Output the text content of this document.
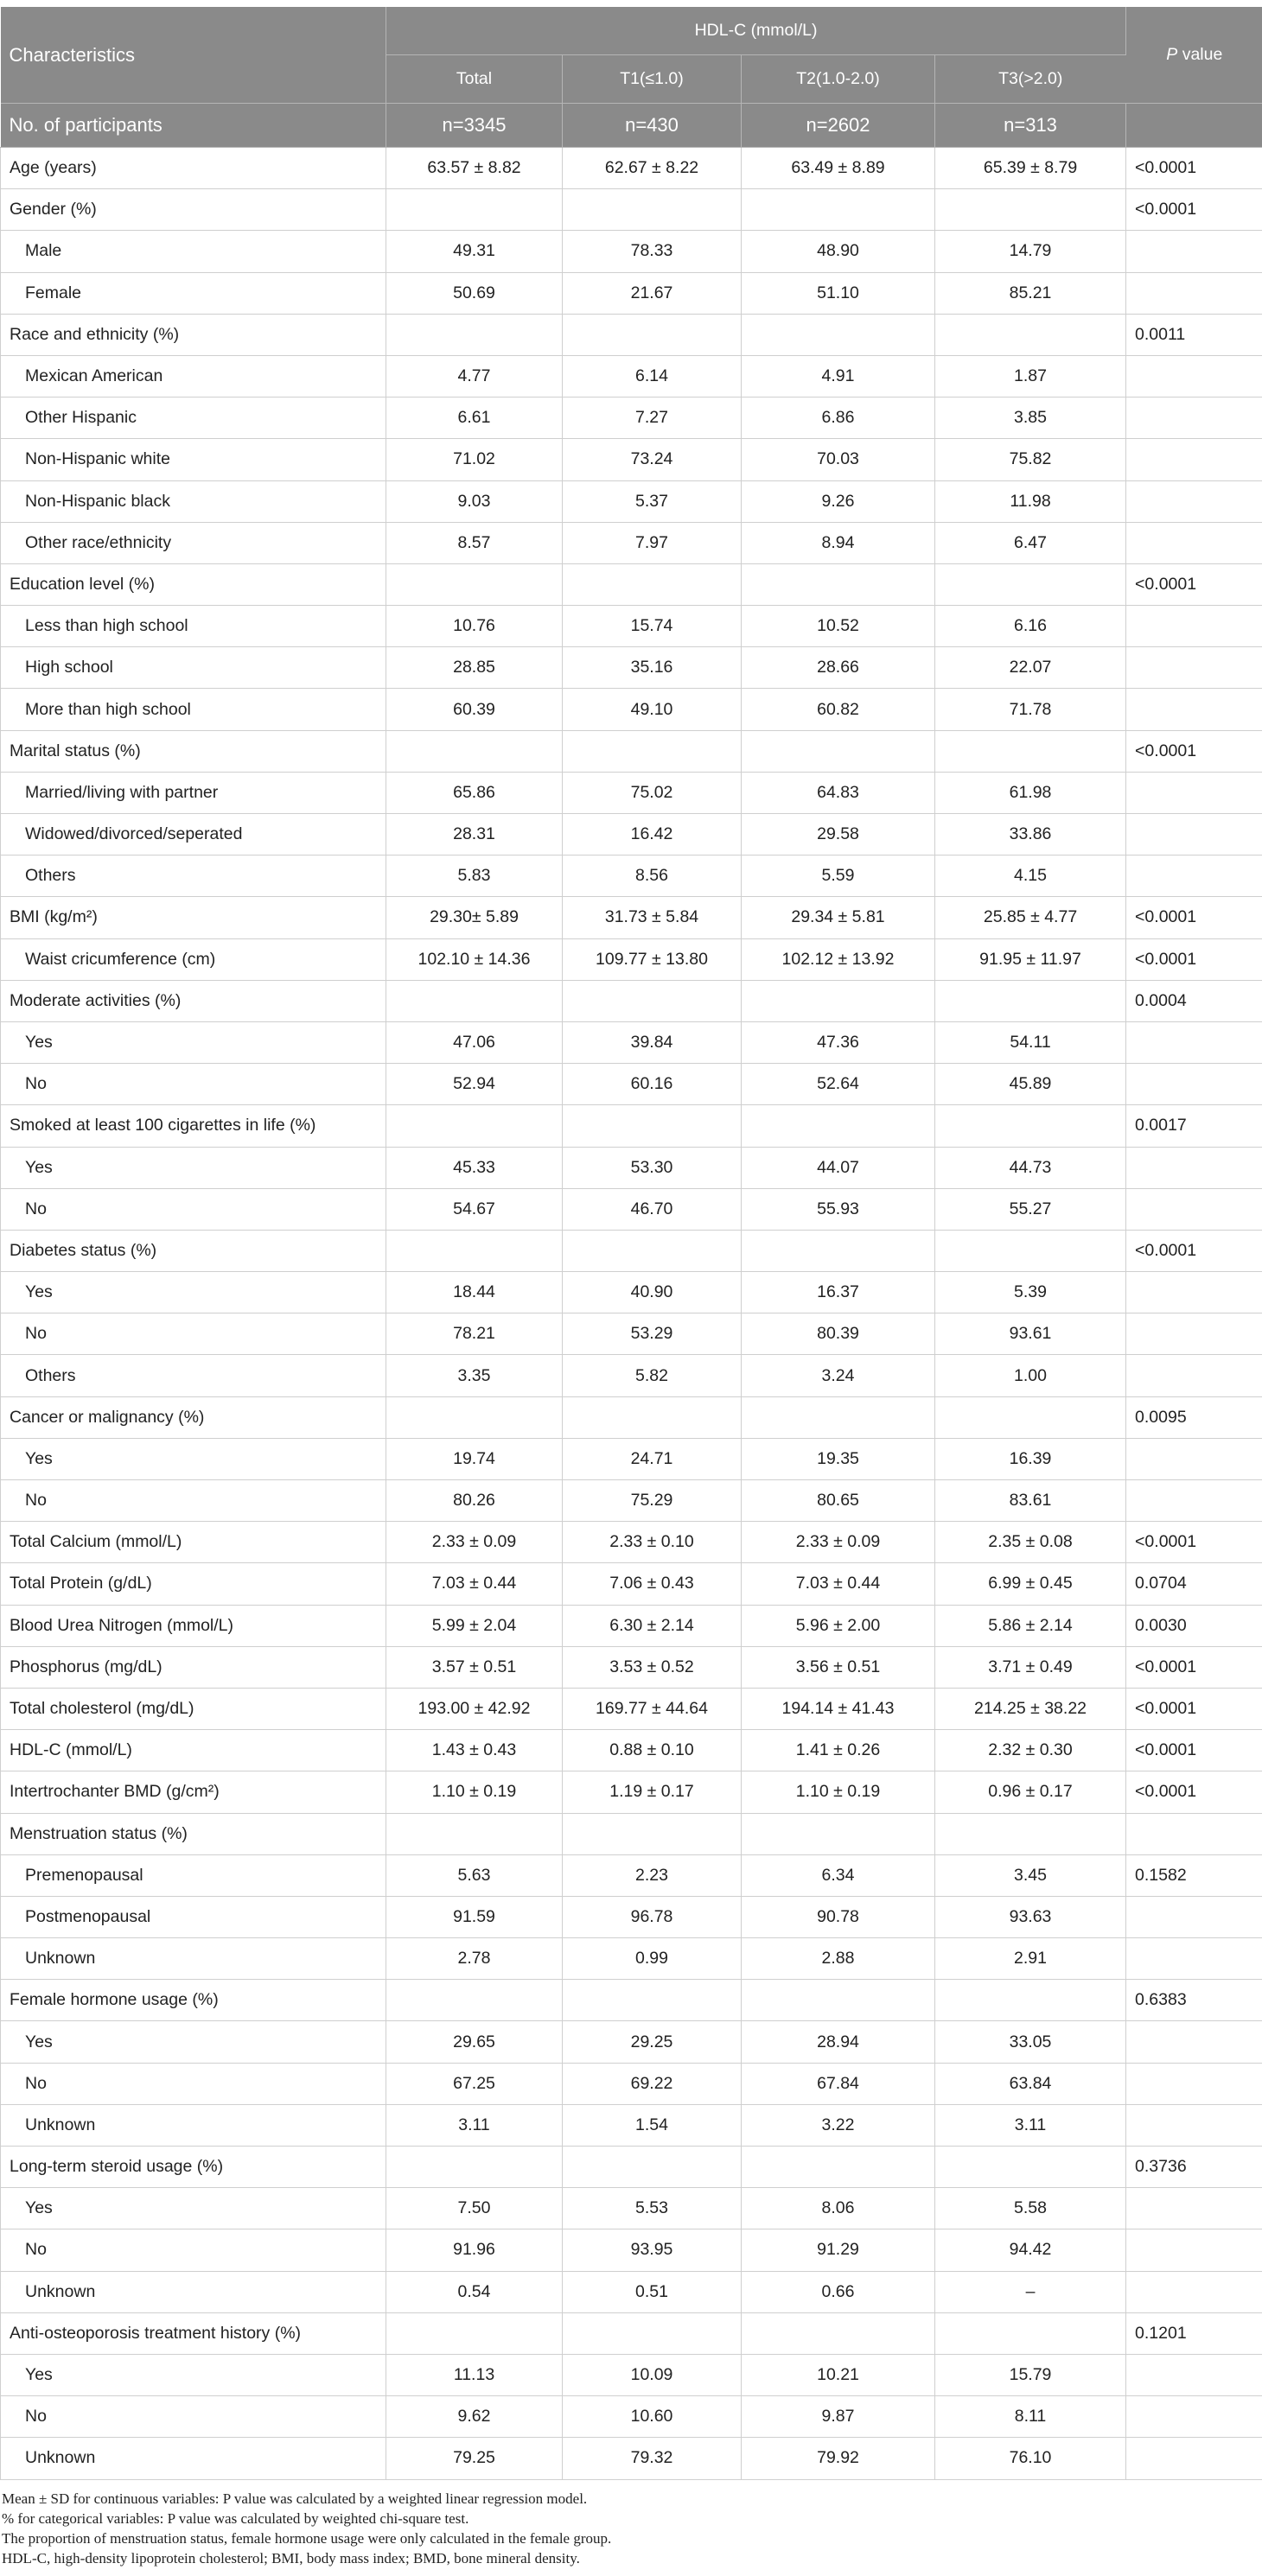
Characteristics	HDL-C (mmol/L)				P value
	Total	T1(≤1.0)	T2(1.0-2.0)	T3(>2.0)	
No. of participants	n=3345	n=430	n=2602	n=313	
Age (years)	63.57 ± 8.82	62.67 ± 8.22	63.49 ± 8.89	65.39 ± 8.79	<0.0001
Gender (%)					<0.0001
Male	49.31	78.33	48.90	14.79	
Female	50.69	21.67	51.10	85.21	
Race and ethnicity (%)					0.0011
Mexican American	4.77	6.14	4.91	1.87	
Other Hispanic	6.61	7.27	6.86	3.85	
Non-Hispanic white	71.02	73.24	70.03	75.82	
Non-Hispanic black	9.03	5.37	9.26	11.98	
Other race/ethnicity	8.57	7.97	8.94	6.47	
Education level (%)					<0.0001
Less than high school	10.76	15.74	10.52	6.16	
High school	28.85	35.16	28.66	22.07	
More than high school	60.39	49.10	60.82	71.78	
Marital status (%)					<0.0001
Married/living with partner	65.86	75.02	64.83	61.98	
Widowed/divorced/seperated	28.31	16.42	29.58	33.86	
Others	5.83	8.56	5.59	4.15	
BMI (kg/m²)	29.30± 5.89	31.73 ± 5.84	29.34 ± 5.81	25.85 ± 4.77	<0.0001
Waist cricumference (cm)	102.10 ± 14.36	109.77 ± 13.80	102.12 ± 13.92	91.95 ± 11.97	<0.0001
Moderate activities (%)					0.0004
Yes	47.06	39.84	47.36	54.11	
No	52.94	60.16	52.64	45.89	
Smoked at least 100 cigarettes in life (%)					0.0017
Yes	45.33	53.30	44.07	44.73	
No	54.67	46.70	55.93	55.27	
Diabetes status (%)					<0.0001
Yes	18.44	40.90	16.37	5.39	
No	78.21	53.29	80.39	93.61	
Others	3.35	5.82	3.24	1.00	
Cancer or malignancy (%)					0.0095
Yes	19.74	24.71	19.35	16.39	
No	80.26	75.29	80.65	83.61	
Total Calcium (mmol/L)	2.33 ± 0.09	2.33 ± 0.10	2.33 ± 0.09	2.35 ± 0.08	<0.0001
Total Protein (g/dL)	7.03 ± 0.44	7.06 ± 0.43	7.03 ± 0.44	6.99 ± 0.45	0.0704
Blood Urea Nitrogen (mmol/L)	5.99 ± 2.04	6.30 ± 2.14	5.96 ± 2.00	5.86 ± 2.14	0.0030
Phosphorus (mg/dL)	3.57 ± 0.51	3.53 ± 0.52	3.56 ± 0.51	3.71 ± 0.49	<0.0001
Total cholesterol (mg/dL)	193.00 ± 42.92	169.77 ± 44.64	194.14 ± 41.43	214.25 ± 38.22	<0.0001
HDL-C (mmol/L)	1.43 ± 0.43	0.88 ± 0.10	1.41 ± 0.26	2.32 ± 0.30	<0.0001
Intertrochanter BMD (g/cm²)	1.10 ± 0.19	1.19 ± 0.17	1.10 ± 0.19	0.96 ± 0.17	<0.0001
Menstruation status (%)					
Premenopausal	5.63	2.23	6.34	3.45	0.1582
Postmenopausal	91.59	96.78	90.78	93.63	
Unknown	2.78	0.99	2.88	2.91	
Female hormone usage (%)					0.6383
Yes	29.65	29.25	28.94	33.05	
No	67.25	69.22	67.84	63.84	
Unknown	3.11	1.54	3.22	3.11	
Long-term steroid usage (%)					0.3736
Yes	7.50	5.53	8.06	5.58	
No	91.96	93.95	91.29	94.42	
Unknown	0.54	0.51	0.66	–	
Anti-osteoporosis treatment history (%)					0.1201
Yes	11.13	10.09	10.21	15.79	
No	9.62	10.60	9.87	8.11	
Unknown	79.25	79.32	79.92	76.10	
Mean ± SD for continuous variables: P value was calculated by a weighted linear regression model.
% for categorical variables: P value was calculated by weighted chi-square test.
The proportion of menstruation status, female hormone usage were only calculated in the female group.
HDL-C, high-density lipoprotein cholesterol; BMI, body mass index; BMD, bone mineral density.
